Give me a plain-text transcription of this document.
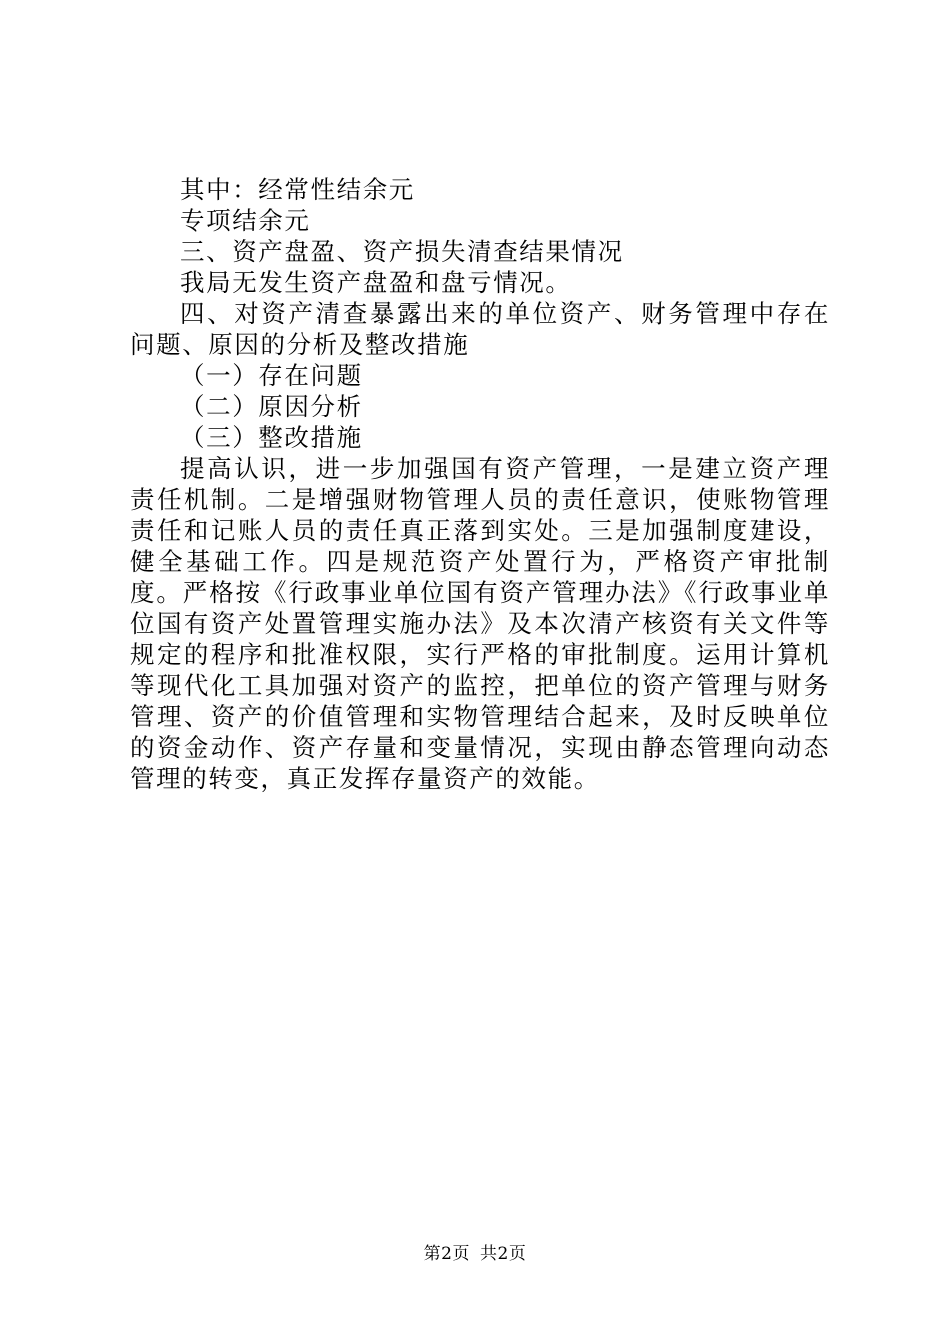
其中：经常性结余元

专项结余元

三、资产盘盈、资产损失清查结果情况

我局无发生资产盘盈和盘亏情况。

四、对资产清查暴露出来的单位资产、财务管理中存在问题、原因的分析及整改措施

（一）存在问题

（二）原因分析

（三）整改措施

提高认识，进一步加强国有资产管理，一是建立资产理责任机制。二是增强财物管理人员的责任意识，使账物管理责任和记账人员的责任真正落到实处。三是加强制度建设，健全基础工作。四是规范资产处置行为，严格资产审批制度。严格按《行政事业单位国有资产管理办法》《行政事业单位国有资产处置管理实施办法》及本次清产核资有关文件等规定的程序和批准权限，实行严格的审批制度。运用计算机等现代化工具加强对资产的监控，把单位的资产管理与财务管理、资产的价值管理和实物管理结合起来，及时反映单位的资金动作、资产存量和变量情况，实现由静态管理向动态管理的转变，真正发挥存量资产的效能。

第2页 共2页
